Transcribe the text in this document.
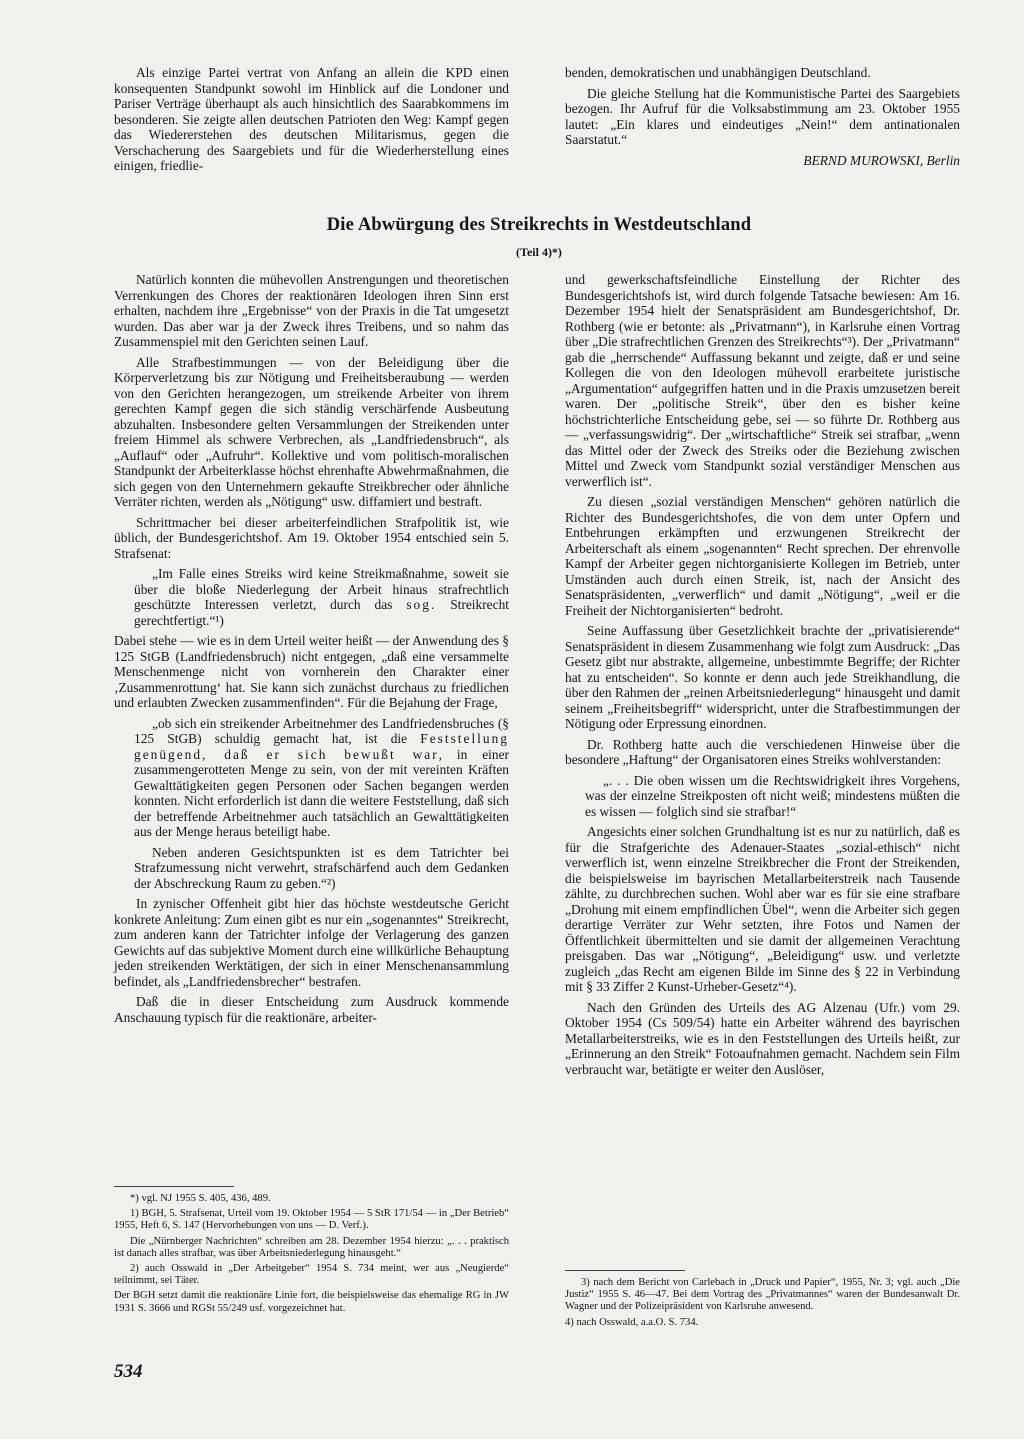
Als einzige Partei vertrat von Anfang an allein die KPD einen konsequenten Standpunkt sowohl im Hinblick auf die Londoner und Pariser Verträge überhaupt als auch hinsichtlich des Saarabkommens im besonderen. Sie zeigte allen deutschen Patrioten den Weg: Kampf gegen das Wiedererstehen des deutschen Militarismus, gegen die Verschacherung des Saargebiets und für die Wiederherstellung eines einigen, friedlie-

benden, demokratischen und unabhängigen Deutschland.

Die gleiche Stellung hat die Kommunistische Partei des Saargebiets bezogen. Ihr Aufruf für die Volksabstimmung am 23. Oktober 1955 lautet: „Ein klares und eindeutiges „Nein!“ dem antinationalen Saarstatut.“

BERND MUROWSKI, Berlin

Die Abwürgung des Streikrechts in Westdeutschland
(Teil 4)*)

Natürlich konnten die mühevollen Anstrengungen und theoretischen Verrenkungen des Chores der reaktionären Ideologen ihren Sinn erst erhalten, nachdem ihre „Ergebnisse“ von der Praxis in die Tat umgesetzt wurden. Das aber war ja der Zweck ihres Treibens, und so nahm das Zusammenspiel mit den Gerichten seinen Lauf.

Alle Strafbestimmungen — von der Beleidigung über die Körperverletzung bis zur Nötigung und Freiheitsberaubung — werden von den Gerichten herangezogen, um streikende Arbeiter von ihrem gerechten Kampf gegen die sich ständig verschärfende Ausbeutung abzuhalten. Insbesondere gelten Versammlungen der Streikenden unter freiem Himmel als schwere Verbrechen, als „Landfriedensbruch“, als „Auflauf“ oder „Aufruhr“. Kollektive und vom politisch-moralischen Standpunkt der Arbeiterklasse höchst ehrenhafte Abwehrmaßnahmen, die sich gegen von den Unternehmern gekaufte Streikbrecher oder ähnliche Verräter richten, werden als „Nötigung“ usw. diffamiert und bestraft.

Schrittmacher bei dieser arbeiterfeindlichen Strafpolitik ist, wie üblich, der Bundesgerichtshof. Am 19. Oktober 1954 entschied sein 5. Strafsenat:

„Im Falle eines Streiks wird keine Streikmaßnahme, soweit sie über die bloße Niederlegung der Arbeit hinaus strafrechtlich geschützte Interessen verletzt, durch das sog. Streikrecht gerechtfertigt.“¹)

Dabei stehe — wie es in dem Urteil weiter heißt — der Anwendung des § 125 StGB (Landfriedensbruch) nicht entgegen, „daß eine versammelte Menschenmenge nicht von vornherein den Charakter einer ‚Zusammenrottung‘ hat. Sie kann sich zunächst durchaus zu friedlichen und erlaubten Zwecken zusammenfinden“. Für die Bejahung der Frage,

„ob sich ein streikender Arbeitnehmer des Landfriedensbruches (§ 125 StGB) schuldig gemacht hat, ist die Feststellung genügend, daß er sich bewußt war, in einer zusammengerotteten Menge zu sein, von der mit vereinten Kräften Gewalttätigkeiten gegen Personen oder Sachen begangen werden konnten. Nicht erforderlich ist dann die weitere Feststellung, daß sich der betreffende Arbeitnehmer auch tatsächlich an Gewalttätigkeiten aus der Menge heraus beteiligt habe.

Neben anderen Gesichtspunkten ist es dem Tatrichter bei Strafzumessung nicht verwehrt, strafschärfend auch dem Gedanken der Abschreckung Raum zu geben.“²)

In zynischer Offenheit gibt hier das höchste westdeutsche Gericht konkrete Anleitung: Zum einen gibt es nur ein „sogenanntes“ Streikrecht, zum anderen kann der Tatrichter infolge der Verlagerung des ganzen Gewichts auf das subjektive Moment durch eine willkürliche Behauptung jeden streikenden Werktätigen, der sich in einer Menschenansammlung befindet, als „Landfriedensbrecher“ bestrafen.

Daß die in dieser Entscheidung zum Ausdruck kommende Anschauung typisch für die reaktionäre, arbeiter-

*) vgl. NJ 1955 S. 405, 436, 489.

1) BGH, 5. Strafsenat, Urteil vom 19. Oktober 1954 — 5 StR 171/54 — in „Der Betrieb“ 1955, Heft 6, S. 147 (Hervorhebungen von uns — D. Verf.).

Die „Nürnberger Nachrichten“ schreiben am 28. Dezember 1954 hierzu: „. . . praktisch ist danach alles strafbar, was über Arbeitsniederlegung hinausgeht.“

2) auch Osswald in „Der Arbeitgeber“ 1954 S. 734 meint, wer aus „Neugierde“ teilnimmt, sei Täter.

Der BGH setzt damit die reaktionäre Linie fort, die beispielsweise das ehemalige RG in JW 1931 S. 3666 und RGSt 55/249 usf. vorgezeichnet hat.

und gewerkschaftsfeindliche Einstellung der Richter des Bundesgerichtshofs ist, wird durch folgende Tatsache bewiesen: Am 16. Dezember 1954 hielt der Senatspräsident am Bundesgerichtshof, Dr. Rothberg (wie er betonte: als „Privatmann“), in Karlsruhe einen Vortrag über „Die strafrechtlichen Grenzen des Streikrechts“³). Der „Privatmann“ gab die „herrschende“ Auffassung bekannt und zeigte, daß er und seine Kollegen die von den Ideologen mühevoll erarbeitete juristische „Argumentation“ aufgegriffen hatten und in die Praxis umzusetzen bereit waren. Der „politische Streik“, über den es bisher keine höchstrichterliche Entscheidung gebe, sei — so führte Dr. Rothberg aus — „verfassungswidrig“. Der „wirtschaftliche“ Streik sei strafbar, „wenn das Mittel oder der Zweck des Streiks oder die Beziehung zwischen Mittel und Zweck vom Standpunkt sozial verständiger Menschen aus verwerflich ist“.

Zu diesen „sozial verständigen Menschen“ gehören natürlich die Richter des Bundesgerichtshofes, die von dem unter Opfern und Entbehrungen erkämpften und erzwungenen Streikrecht der Arbeiterschaft als einem „sogenannten“ Recht sprechen. Der ehrenvolle Kampf der Arbeiter gegen nichtorganisierte Kollegen im Betrieb, unter Umständen auch durch einen Streik, ist, nach der Ansicht des Senatspräsidenten, „verwerflich“ und damit „Nötigung“, „weil er die Freiheit der Nichtorganisierten“ bedroht.

Seine Auffassung über Gesetzlichkeit brachte der „privatisierende“ Senatspräsident in diesem Zusammenhang wie folgt zum Ausdruck: „Das Gesetz gibt nur abstrakte, allgemeine, unbestimmte Begriffe; der Richter hat zu entscheiden“. So konnte er denn auch jede Streikhandlung, die über den Rahmen der „reinen Arbeitsniederlegung“ hinausgeht und damit seinem „Freiheitsbegriff“ widerspricht, unter die Strafbestimmungen der Nötigung oder Erpressung einordnen.

Dr. Rothberg hatte auch die verschiedenen Hinweise über die besondere „Haftung“ der Organisatoren eines Streiks wohlverstanden:

„. . . Die oben wissen um die Rechtswidrigkeit ihres Vorgehens, was der einzelne Streikposten oft nicht weiß; mindestens müßten die es wissen — folglich sind sie strafbar!“

Angesichts einer solchen Grundhaltung ist es nur zu natürlich, daß es für die Strafgerichte des Adenauer-Staates „sozial-ethisch“ nicht verwerflich ist, wenn einzelne Streikbrecher die Front der Streikenden, die beispielsweise im bayrischen Metallarbeiterstreik nach Tausende zählte, zu durchbrechen suchen. Wohl aber war es für sie eine strafbare „Drohung mit einem empfindlichen Übel“, wenn die Arbeiter sich gegen derartige Verräter zur Wehr setzten, ihre Fotos und Namen der Öffentlichkeit übermittelten und sie damit der allgemeinen Verachtung preisgaben. Das war „Nötigung“, „Beleidigung“ usw. und verletzte zugleich „das Recht am eigenen Bilde im Sinne des § 22 in Verbindung mit § 33 Ziffer 2 Kunst-Urheber-Gesetz“⁴).

Nach den Gründen des Urteils des AG Alzenau (Ufr.) vom 29. Oktober 1954 (Cs 509/54) hatte ein Arbeiter während des bayrischen Metallarbeiterstreiks, wie es in den Feststellungen des Urteils heißt, zur „Erinnerung an den Streik“ Fotoaufnahmen gemacht. Nachdem sein Film verbraucht war, betätigte er weiter den Auslöser,

3) nach dem Bericht von Carlebach in „Druck und Papier“, 1955, Nr. 3; vgl. auch „Die Justiz“ 1955 S. 46—47. Bei dem Vortrag des „Privatmannes“ waren der Bundesanwalt Dr. Wagner und der Polizeipräsident von Karlsruhe anwesend.

4) nach Osswald, a.a.O. S. 734.

534
